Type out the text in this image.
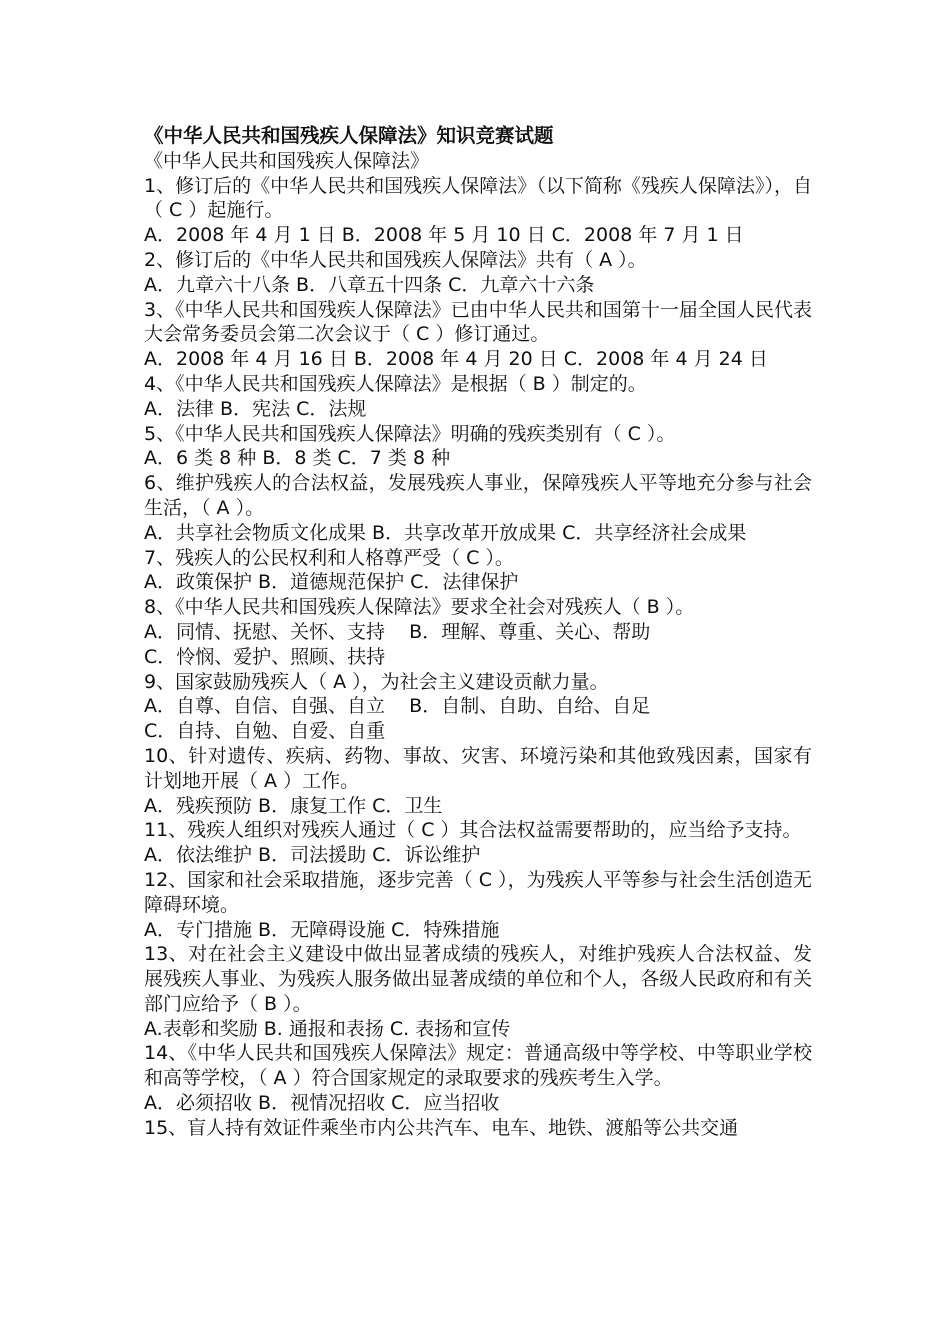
《中华人民共和国残疾人保障法》知识竞赛试题

《中华人民共和国残疾人保障法》

1、修订后的《中华人民共和国残疾人保障法》（以下简称《残疾人保障法》），自（ C ）起施行。

A．2008 年 4 月 1 日 B．2008 年 5 月 10 日 C．2008 年 7 月 1 日

2、修订后的《中华人民共和国残疾人保障法》共有（ A ）。

A．九章六十八条 B．八章五十四条 C．九章六十六条

3、《中华人民共和国残疾人保障法》已由中华人民共和国第十一届全国人民代表大会常务委员会第二次会议于（ C ）修订通过。

A．2008 年 4 月 16 日 B．2008 年 4 月 20 日 C．2008 年 4 月 24 日

4、《中华人民共和国残疾人保障法》是根据（ B ）制定的。

A．法律 B．宪法 C．法规

5、《中华人民共和国残疾人保障法》明确的残疾类别有（ C ）。

A．6 类 8 种 B．8 类 C．7 类 8 种

6、维护残疾人的合法权益，发展残疾人事业，保障残疾人平等地充分参与社会生活，（ A ）。

A．共享社会物质文化成果 B．共享改革开放成果 C．共享经济社会成果

7、残疾人的公民权利和人格尊严受（ C ）。

A．政策保护 B．道德规范保护 C．法律保护

8、《中华人民共和国残疾人保障法》要求全社会对残疾人（ B ）。

A．同情、抚慰、关怀、支持    B．理解、尊重、关心、帮助

C．怜悯、爱护、照顾、扶持

9、国家鼓励残疾人（ A ），为社会主义建设贡献力量。

A．自尊、自信、自强、自立    B．自制、自助、自给、自足

C．自持、自勉、自爱、自重

10、针对遗传、疾病、药物、事故、灾害、环境污染和其他致残因素，国家有计划地开展（ A ）工作。

A．残疾预防 B．康复工作 C．卫生

11、残疾人组织对残疾人通过（ C ）其合法权益需要帮助的，应当给予支持。

A．依法维护 B．司法援助 C．诉讼维护

12、国家和社会采取措施，逐步完善（ C ），为残疾人平等参与社会生活创造无障碍环境。

A．专门措施 B．无障碍设施 C．特殊措施

13、对在社会主义建设中做出显著成绩的残疾人，对维护残疾人合法权益、发展残疾人事业、为残疾人服务做出显著成绩的单位和个人，各级人民政府和有关部门应给予（ B ）。

A.表彰和奖励 B. 通报和表扬 C. 表扬和宣传

14、《中华人民共和国残疾人保障法》规定：普通高级中等学校、中等职业学校和高等学校，（ A ）符合国家规定的录取要求的残疾考生入学。

A．必须招收 B．视情况招收 C．应当招收

15、盲人持有效证件乘坐市内公共汽车、电车、地铁、渡船等公共交通
